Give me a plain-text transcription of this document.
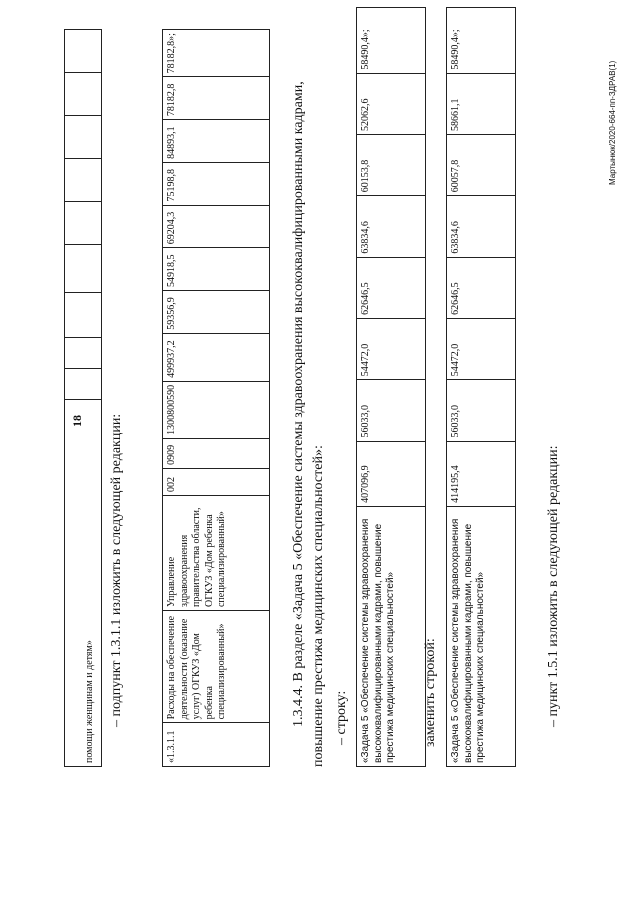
18
помощи женщинам и детям»									– подпункт 1.3.1.1 изложить в следующей редакции:
«1.3.1.1	Расходы на обеспечение деятельности (оказание услуг) ОГКУЗ «Дом ребенка специализированный»	Управление здравоохранения правительства области, ОГКУЗ «Дом ребенка специализированный»	002	0909	1300800590	499937,2	59356,9	54918,5	69204,3	75198,8	84893,1	78182,8	78182,8»;
1.3.4.4. В разделе «Задача 5 «Обеспечение системы здравоохранения высококвалифицированными кадрами, повышение престижа медицинских специальностей»: – строку: «Задача 5 «Обеспечение системы здравоохранения высококвалифицированными кадрами, повышение престижа медицинских специальностей»	407096,9	56033,0	54472,0	62646,5	63834,6	60153,8	52062,6	58490,4»;
заменить строкой: «Задача 5 «Обеспечение системы здравоохранения высококвалифицированными кадрами, повышение престижа медицинских специальностей»	414195,4	56033,0	54472,0	62646,5	63834,6	60057,8	58661,1	58490,4»;
– пункт 1.5.1 изложить в следующей редакции:
Мартынюк/2020-664-пп-ЗДРАВ(1)
